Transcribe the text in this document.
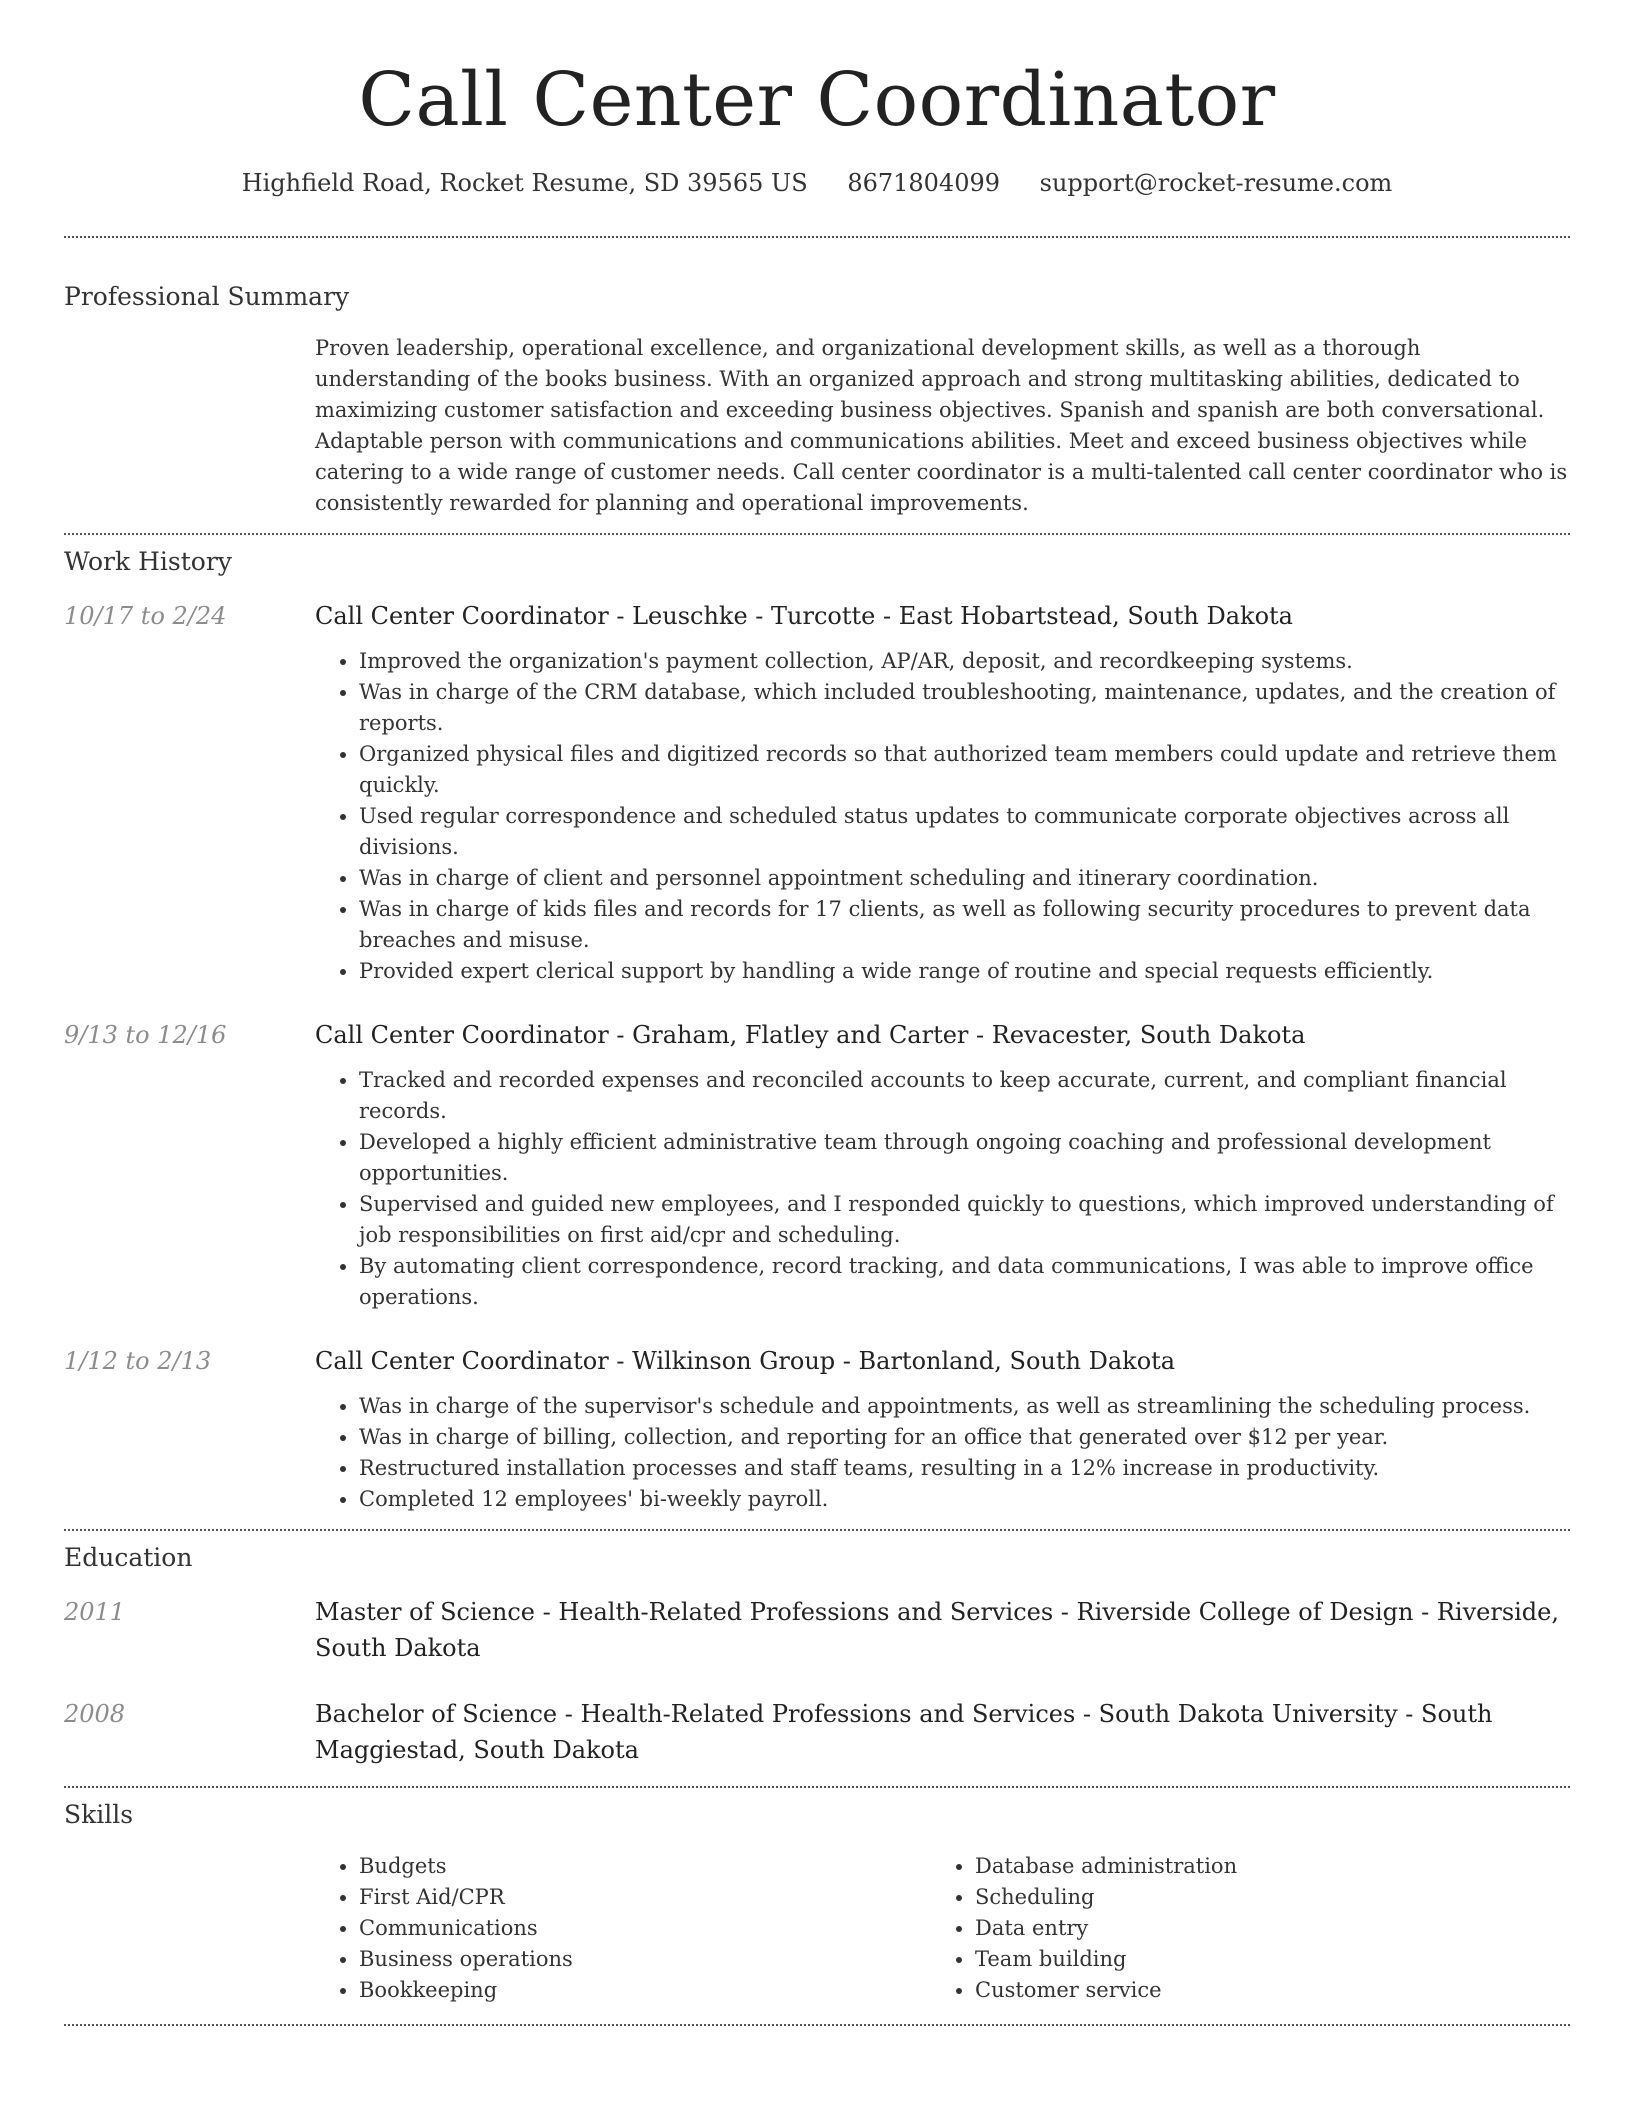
Call Center Coordinator
Highfield Road, Rocket Resume, SD 39565 US 8671804099 support@rocket-resume.com
Professional Summary

Proven leadership, operational excellence, and organizational development skills, as well as a thorough understanding of the books business. With an organized approach and strong multitasking abilities, dedicated to maximizing customer satisfaction and exceeding business objectives. Spanish and spanish are both conversational. Adaptable person with communications and communications abilities. Meet and exceed business objectives while catering to a wide range of customer needs. Call center coordinator is a multi-talented call center coordinator who is consistently rewarded for planning and operational improvements.

Work History
10/17 to 2/24	Call Center Coordinator - Leuschke - Turcotte - East Hobartstead, South Dakota
• Improved the organization's payment collection, AP/AR, deposit, and recordkeeping systems.
• Was in charge of the CRM database, which included troubleshooting, maintenance, updates, and the creation of reports.
• Organized physical files and digitized records so that authorized team members could update and retrieve them quickly.
• Used regular correspondence and scheduled status updates to communicate corporate objectives across all divisions.
• Was in charge of client and personnel appointment scheduling and itinerary coordination.
• Was in charge of kids files and records for 17 clients, as well as following security procedures to prevent data breaches and misuse.
• Provided expert clerical support by handling a wide range of routine and special requests efficiently.
9/13 to 12/16	Call Center Coordinator - Graham, Flatley and Carter - Revacester, South Dakota
• Tracked and recorded expenses and reconciled accounts to keep accurate, current, and compliant financial records.
• Developed a highly efficient administrative team through ongoing coaching and professional development opportunities.
• Supervised and guided new employees, and I responded quickly to questions, which improved understanding of job responsibilities on first aid/cpr and scheduling.
• By automating client correspondence, record tracking, and data communications, I was able to improve office operations.
1/12 to 2/13	Call Center Coordinator - Wilkinson Group - Bartonland, South Dakota
• Was in charge of the supervisor's schedule and appointments, as well as streamlining the scheduling process.
• Was in charge of billing, collection, and reporting for an office that generated over $12 per year.
• Restructured installation processes and staff teams, resulting in a 12% increase in productivity.
• Completed 12 employees' bi-weekly payroll.
Education
2011	Master of Science - Health-Related Professions and Services - Riverside College of Design - Riverside, South Dakota
2008	Bachelor of Science - Health-Related Professions and Services - South Dakota University - South Maggiestad, South Dakota
Skills
• Budgets
• First Aid/CPR
• Communications
• Business operations
• Bookkeeping
• Database administration
• Scheduling
• Data entry
• Team building
• Customer service
